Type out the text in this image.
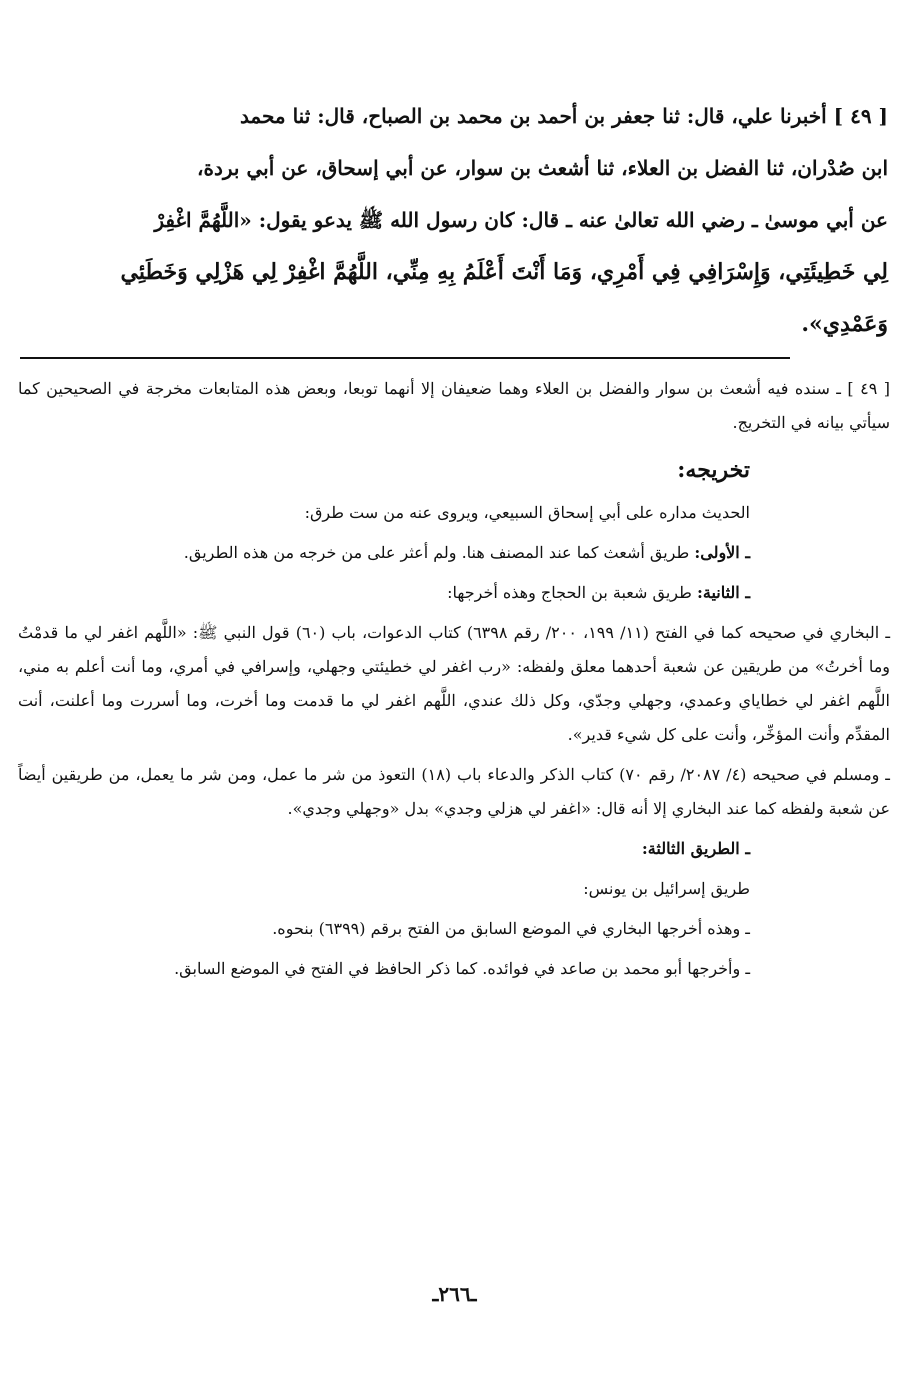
[ ٤٩ ] أخبرنا علي، قال: ثنا جعفر بن أحمد بن محمد بن الصباح، قال: ثنا محمد
ابن صُدْران، ثنا الفضل بن العلاء، ثنا أشعث بن سوار، عن أبي إسحاق، عن أبي بردة،
عن أبي موسىٰ ـ رضي الله تعالىٰ عنه ـ قال: كان رسول الله ﷺ يدعو يقول: «اللَّهُمَّ اغْفِرْ
لِي خَطِيئَتِي، وَإِسْرَافِي فِي أَمْرِي، وَمَا أَنْتَ أَعْلَمُ بِهِ مِنِّي، اللَّهُمَّ اغْفِرْ لِي هَزْلِي وَخَطَئِي
وَعَمْدِي».

[ ٤٩ ] ـ سنده فيه أشعث بن سوار والفضل بن العلاء وهما ضعيفان إلا أنهما توبعا، وبعض هذه المتابعات مخرجة في الصحيحين كما سيأتي بيانه في التخريج.

تخريجه:

الحديث مداره على أبي إسحاق السبيعي، ويروى عنه من ست طرق:

ـ الأولى: طريق أشعث كما عند المصنف هنا. ولم أعثر على من خرجه من هذه الطريق.

ـ الثانية: طريق شعبة بن الحجاج وهذه أخرجها:

ـ البخاري في صحيحه كما في الفتح (١١/ ١٩٩، ٢٠٠/ رقم ٦٣٩٨) كتاب الدعوات، باب (٦٠) قول النبي ﷺ: «اللَّهم اغفر لي ما قدمْتُ وما أخرتُ» من طريقين عن شعبة أحدهما معلق ولفظه: «رب اغفر لي خطيئتي وجهلي، وإسرافي في أمري، وما أنت أعلم به مني، اللَّهم اغفر لي خطاياي وعمدي، وجهلي وجدّي، وكل ذلك عندي، اللَّهم اغفر لي ما قدمت وما أخرت، وما أسررت وما أعلنت، أنت المقدِّم وأنت المؤخِّر، وأنت على كل شيء قدير».

ـ ومسلم في صحيحه (٤/ ٢٠٨٧/ رقم ٧٠) كتاب الذكر والدعاء باب (١٨) التعوذ من شر ما عمل، ومن شر ما يعمل، من طريقين أيضاً عن شعبة ولفظه كما عند البخاري إلا أنه قال: «اغفر لي هزلي وجدي» بدل «وجهلي وجدي».

ـ الطريق الثالثة:

طريق إسرائيل بن يونس:

ـ وهذه أخرجها البخاري في الموضع السابق من الفتح برقم (٦٣٩٩) بنحوه.

ـ وأخرجها أبو محمد بن صاعد في فوائده. كما ذكر الحافظ في الفتح في الموضع السابق.

ـ٢٦٦ـ
